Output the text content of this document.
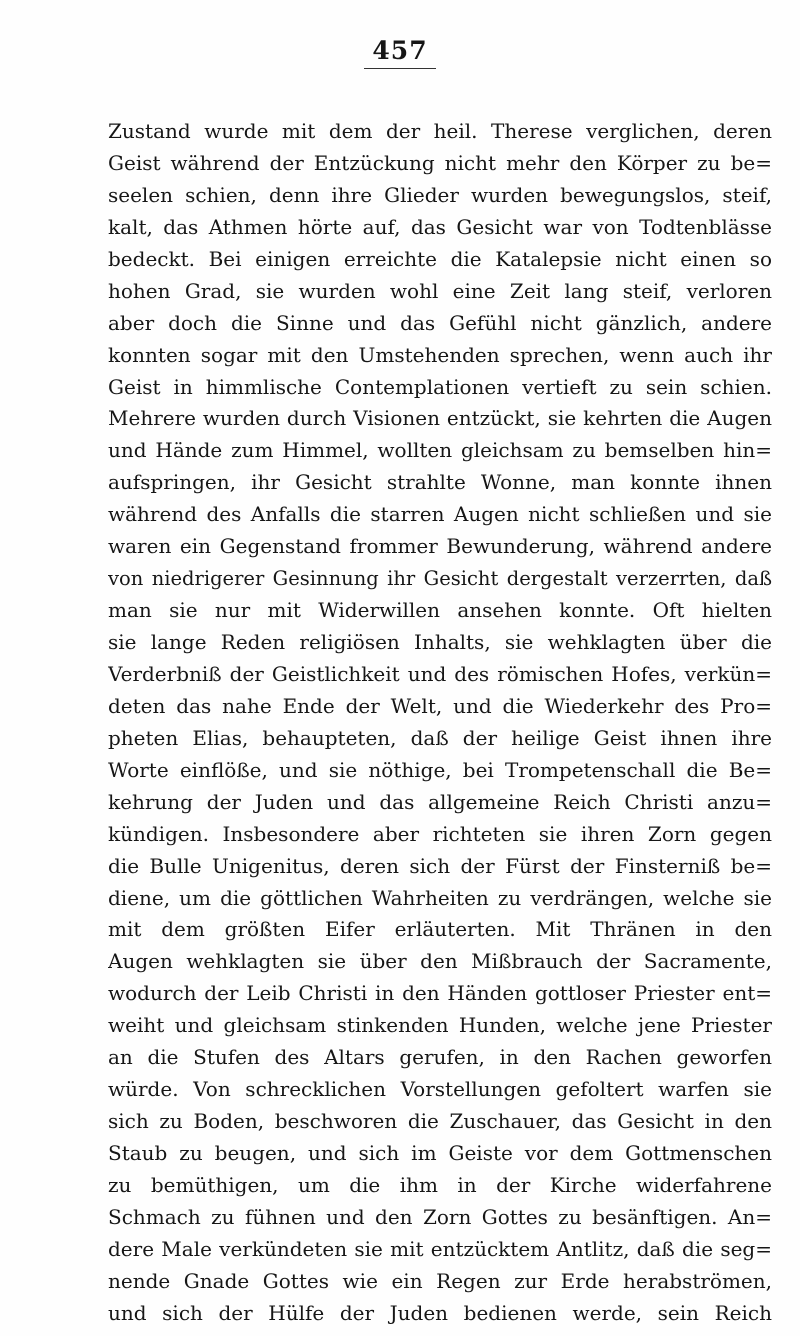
457
Zustand wurde mit dem der heil. Therese verglichen, deren
Geist während der Entzückung nicht mehr den Körper zu be=
seelen schien, denn ihre Glieder wurden bewegungslos, steif,
kalt, das Athmen hörte auf, das Gesicht war von Todtenblässe
bedeckt. Bei einigen erreichte die Katalepsie nicht einen so
hohen Grad, sie wurden wohl eine Zeit lang steif, verloren
aber doch die Sinne und das Gefühl nicht gänzlich, andere
konnten sogar mit den Umstehenden sprechen, wenn auch ihr
Geist in himmlische Contemplationen vertieft zu sein schien.
Mehrere wurden durch Visionen entzückt, sie kehrten die Augen
und Hände zum Himmel, wollten gleichsam zu bemselben hin=
aufspringen, ihr Gesicht strahlte Wonne, man konnte ihnen
während des Anfalls die starren Augen nicht schließen und sie
waren ein Gegenstand frommer Bewunderung, während andere
von niedrigerer Gesinnung ihr Gesicht dergestalt verzerrten, daß
man sie nur mit Widerwillen ansehen konnte. Oft hielten
sie lange Reden religiösen Inhalts, sie wehklagten über die
Verderbniß der Geistlichkeit und des römischen Hofes, verkün=
deten das nahe Ende der Welt, und die Wiederkehr des Pro=
pheten Elias, behaupteten, daß der heilige Geist ihnen ihre
Worte einflöße, und sie nöthige, bei Trompetenschall die Be=
kehrung der Juden und das allgemeine Reich Christi anzu=
kündigen. Insbesondere aber richteten sie ihren Zorn gegen
die Bulle Unigenitus, deren sich der Fürst der Finsterniß be=
diene, um die göttlichen Wahrheiten zu verdrängen, welche sie
mit dem größten Eifer erläuterten. Mit Thränen in den
Augen wehklagten sie über den Mißbrauch der Sacramente,
wodurch der Leib Christi in den Händen gottloser Priester ent=
weiht und gleichsam stinkenden Hunden, welche jene Priester
an die Stufen des Altars gerufen, in den Rachen geworfen
würde. Von schrecklichen Vorstellungen gefoltert warfen sie
sich zu Boden, beschworen die Zuschauer, das Gesicht in den
Staub zu beugen, und sich im Geiste vor dem Gottmenschen
zu bemüthigen, um die ihm in der Kirche widerfahrene
Schmach zu fühnen und den Zorn Gottes zu besänftigen. An=
dere Male verkündeten sie mit entzücktem Antlitz, daß die seg=
nende Gnade Gottes wie ein Regen zur Erde herabströmen,
und sich der Hülfe der Juden bedienen werde, sein Reich
